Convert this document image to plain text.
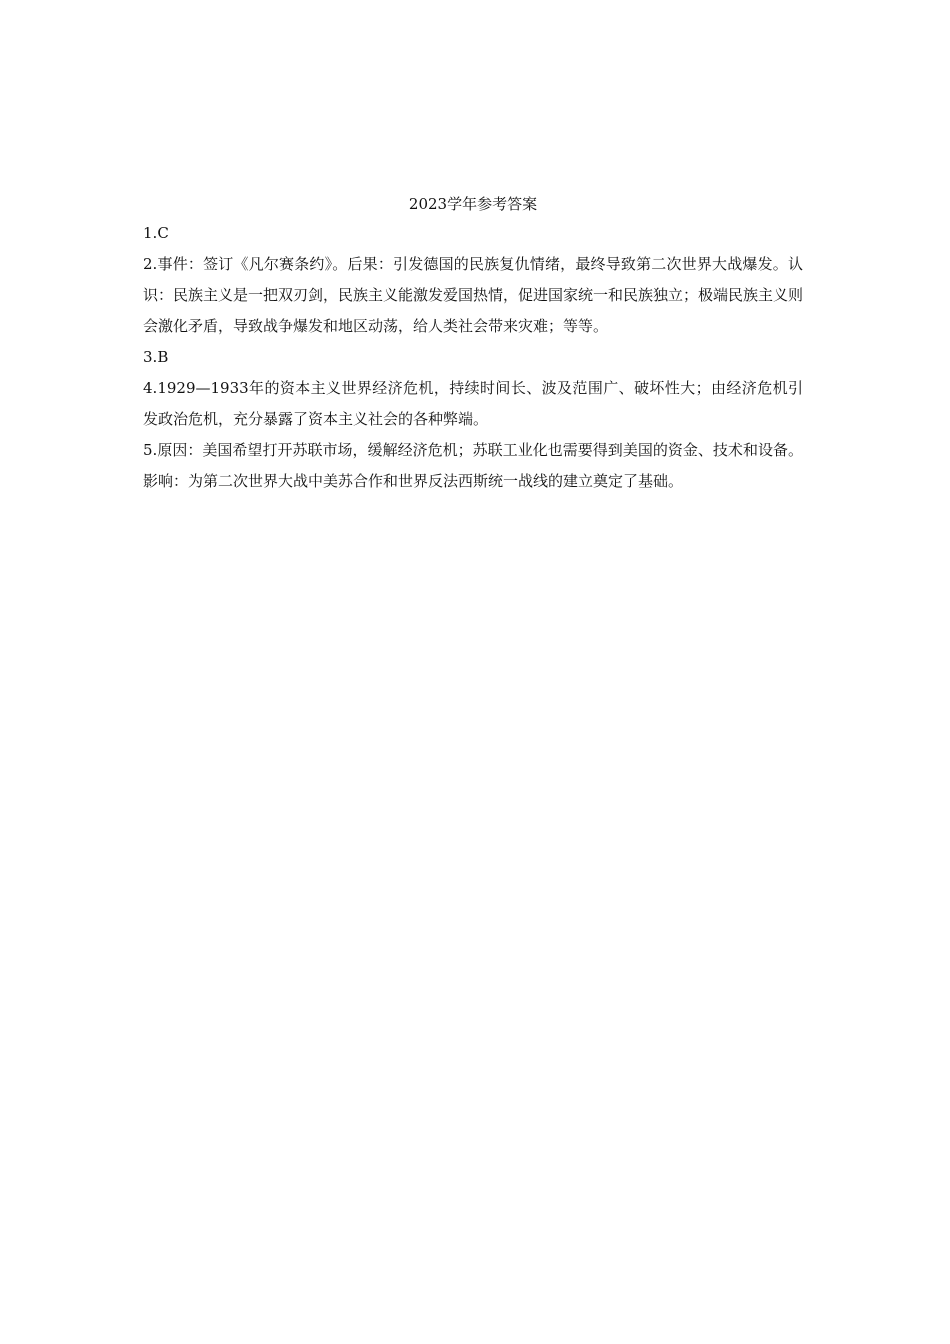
2023学年参考答案

1.C

2.事件：签订《凡尔赛条约》。后果：引发德国的民族复仇情绪，最终导致第二次世界大战爆发。认识：民族主义是一把双刃剑，民族主义能激发爱国热情，促进国家统一和民族独立；极端民族主义则会激化矛盾，导致战争爆发和地区动荡，给人类社会带来灾难；等等。

3.B

4.1929—1933年的资本主义世界经济危机，持续时间长、波及范围广、破坏性大；由经济危机引发政治危机，充分暴露了资本主义社会的各种弊端。

5.原因：美国希望打开苏联市场，缓解经济危机；苏联工业化也需要得到美国的资金、技术和设备。影响：为第二次世界大战中美苏合作和世界反法西斯统一战线的建立奠定了基础。
